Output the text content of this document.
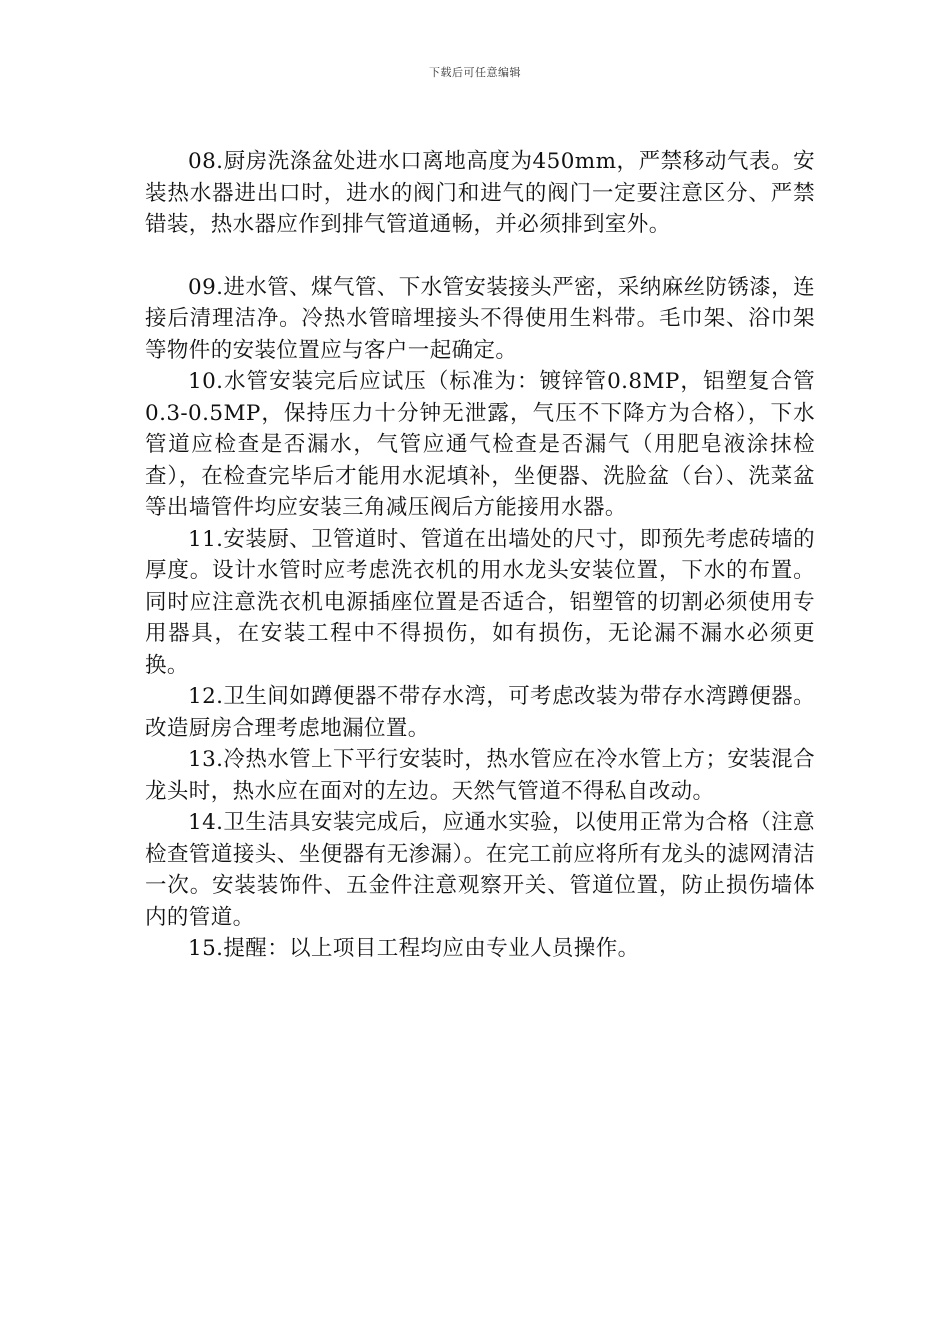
下载后可任意编辑

08.厨房洗涤盆处进水口离地高度为450mm，严禁移动气表。安装热水器进出口时，进水的阀门和进气的阀门一定要注意区分、严禁错装，热水器应作到排气管道通畅，并必须排到室外。

09.进水管、煤气管、下水管安装接头严密，采纳麻丝防锈漆，连接后清理洁净。冷热水管暗埋接头不得使用生料带。毛巾架、浴巾架等物件的安装位置应与客户一起确定。

10.水管安装完后应试压（标准为：镀锌管0.8MP，铝塑复合管0.3-0.5MP，保持压力十分钟无泄露，气压不下降方为合格），下水管道应检查是否漏水，气管应通气检查是否漏气（用肥皂液涂抹检查），在检查完毕后才能用水泥填补，坐便器、洗脸盆（台）、洗菜盆等出墙管件均应安装三角减压阀后方能接用水器。

11.安装厨、卫管道时、管道在出墙处的尺寸，即预先考虑砖墙的厚度。设计水管时应考虑洗衣机的用水龙头安装位置，下水的布置。同时应注意洗衣机电源插座位置是否适合，铝塑管的切割必须使用专用器具，在安装工程中不得损伤，如有损伤，无论漏不漏水必须更换。

12.卫生间如蹲便器不带存水湾，可考虑改装为带存水湾蹲便器。改造厨房合理考虑地漏位置。

13.冷热水管上下平行安装时，热水管应在冷水管上方；安装混合龙头时，热水应在面对的左边。天然气管道不得私自改动。

14.卫生洁具安装完成后，应通水实验，以使用正常为合格（注意检查管道接头、坐便器有无渗漏）。在完工前应将所有龙头的滤网清洁一次。安装装饰件、五金件注意观察开关、管道位置，防止损伤墙体内的管道。

15.提醒：以上项目工程均应由专业人员操作。
